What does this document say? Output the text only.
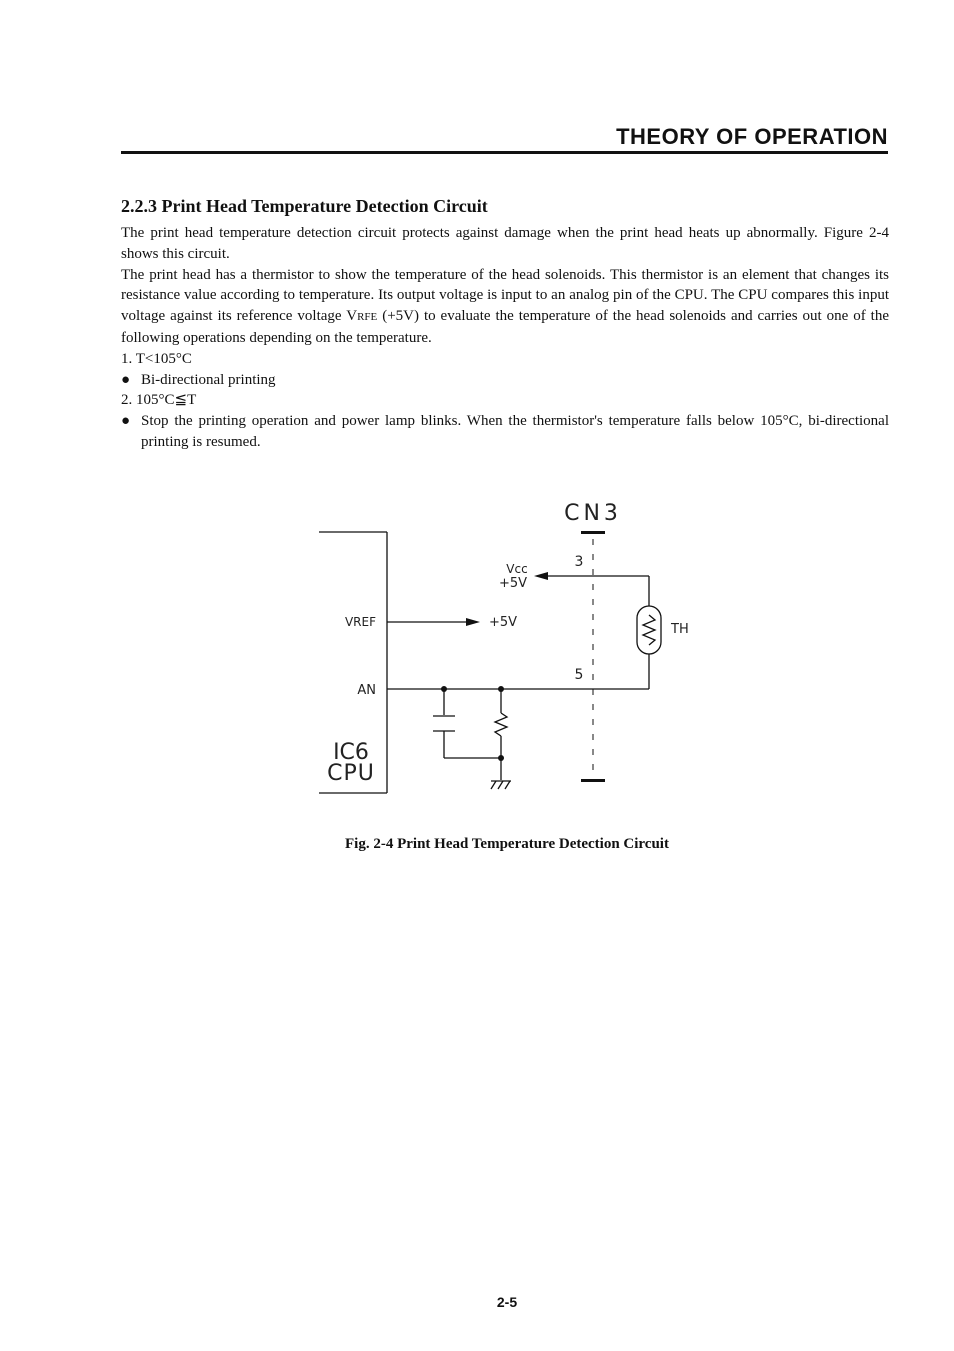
THEORY OF OPERATION
2.2.3 Print Head Temperature Detection Circuit

The print head temperature detection circuit protects against damage when the print head heats up abnormally. Figure 2-4 shows this circuit.

The print head has a thermistor to show the temperature of the head solenoids. This thermistor is an element that changes its resistance value according to temperature. Its output voltage is input to an analog pin of the CPU. The CPU compares this input voltage against its reference voltage VRFE (+5V) to evaluate the temperature of the head solenoids and carries out one of the following operations depending on the temperature.

1. T<105°C

● Bi-directional printing

2. 105°C≦T

● Stop the printing operation and power lamp blinks. When the thermistor's temperature falls below 105°C, bi-directional printing is resumed.

CN3
3
5
Vcc
+5V
VREF	+5V
AN
IC6
CPU
TH
Fig. 2-4 Print Head Temperature Detection Circuit
2-5
